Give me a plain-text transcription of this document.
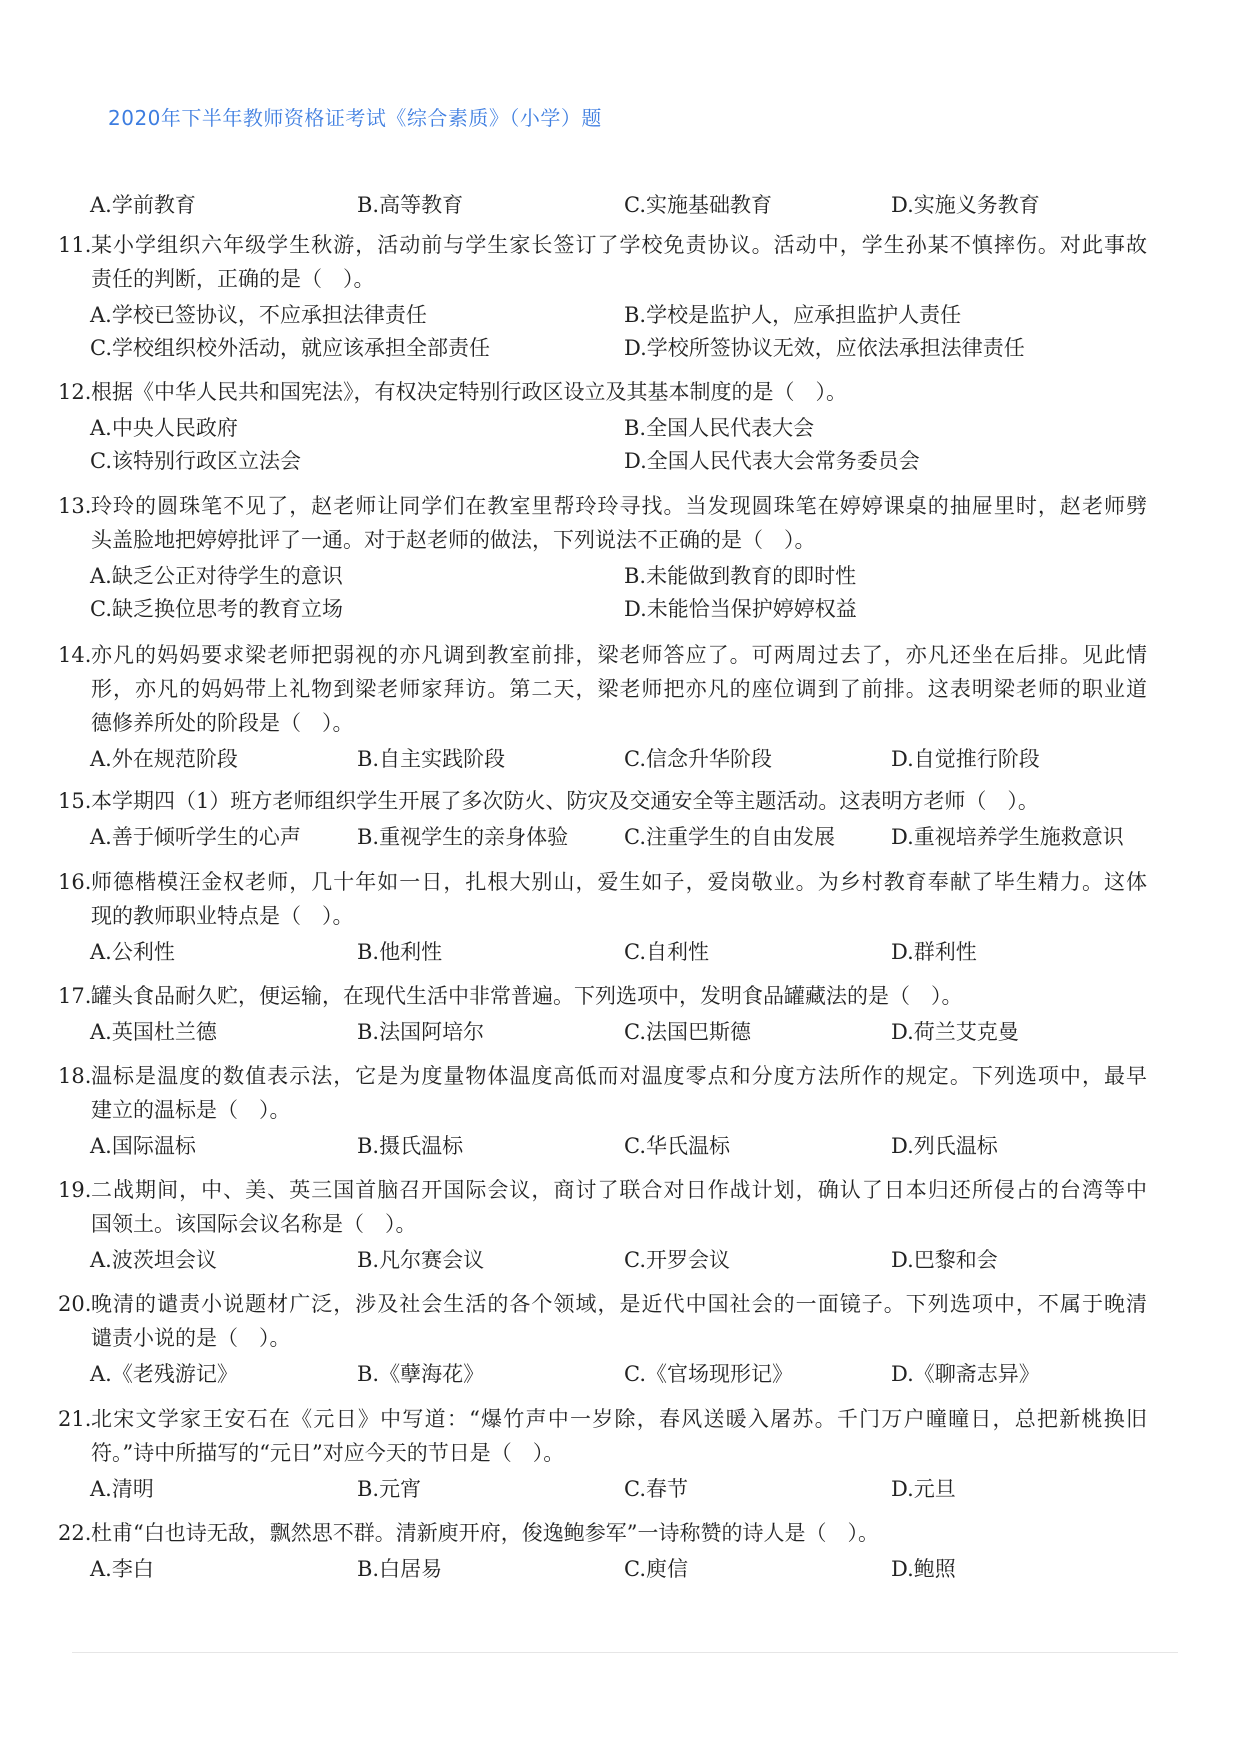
2020年下半年教师资格证考试《综合素质》（小学）题
A.学前教育	B.高等教育	C.实施基础教育	D.实施义务教育
11. 某小学组织六年级学生秋游，活动前与学生家长签订了学校免责协议。活动中，学生孙某不慎摔伤。对此事故
责任的判断，正确的是（　）。
A.学校已签协议，不应承担法律责任	B.学校是监护人，应承担监护人责任
C.学校组织校外活动，就应该承担全部责任	D.学校所签协议无效，应依法承担法律责任
12. 根据《中华人民共和国宪法》，有权决定特别行政区设立及其基本制度的是（　）。
A.中央人民政府	B.全国人民代表大会
C.该特别行政区立法会	D.全国人民代表大会常务委员会
13. 玲玲的圆珠笔不见了，赵老师让同学们在教室里帮玲玲寻找。当发现圆珠笔在婷婷课桌的抽屉里时，赵老师劈
头盖脸地把婷婷批评了一通。对于赵老师的做法，下列说法不正确的是（　）。
A.缺乏公正对待学生的意识	B.未能做到教育的即时性
C.缺乏换位思考的教育立场	D.未能恰当保护婷婷权益
14. 亦凡的妈妈要求梁老师把弱视的亦凡调到教室前排，梁老师答应了。可两周过去了，亦凡还坐在后排。见此情
形，亦凡的妈妈带上礼物到梁老师家拜访。第二天，梁老师把亦凡的座位调到了前排。这表明梁老师的职业道
德修养所处的阶段是（　）。
A.外在规范阶段	B.自主实践阶段	C.信念升华阶段	D.自觉推行阶段
15. 本学期四（1）班方老师组织学生开展了多次防火、防灾及交通安全等主题活动。这表明方老师（　）。
A.善于倾听学生的心声	B.重视学生的亲身体验	C.注重学生的自由发展	D.重视培养学生施救意识
16. 师德楷模汪金权老师，几十年如一日，扎根大别山，爱生如子，爱岗敬业。为乡村教育奉献了毕生精力。这体
现的教师职业特点是（　）。
A.公利性	B.他利性	C.自利性	D.群利性
17. 罐头食品耐久贮，便运输，在现代生活中非常普遍。下列选项中，发明食品罐藏法的是（　）。
A.英国杜兰德	B.法国阿培尔	C.法国巴斯德	D.荷兰艾克曼
18. 温标是温度的数值表示法，它是为度量物体温度高低而对温度零点和分度方法所作的规定。下列选项中，最早
建立的温标是（　）。
A.国际温标	B.摄氏温标	C.华氏温标	D.列氏温标
19. 二战期间，中、美、英三国首脑召开国际会议，商讨了联合对日作战计划，确认了日本归还所侵占的台湾等中
国领土。该国际会议名称是（　）。
A.波茨坦会议	B.凡尔赛会议	C.开罗会议	D.巴黎和会
20. 晚清的谴责小说题材广泛，涉及社会生活的各个领域，是近代中国社会的一面镜子。下列选项中，不属于晚清
谴责小说的是（　）。
A.《老残游记》	B.《孽海花》	C.《官场现形记》	D.《聊斋志异》
21. 北宋文学家王安石在《元日》中写道：“爆竹声中一岁除，春风送暖入屠苏。千门万户曈曈日，总把新桃换旧
符。”诗中所描写的“元日”对应今天的节日是（　）。
A.清明	B.元宵	C.春节	D.元旦
22. 杜甫“白也诗无敌，飘然思不群。清新庾开府，俊逸鲍参军”一诗称赞的诗人是（　）。
A.李白	B.白居易	C.庾信	D.鲍照
